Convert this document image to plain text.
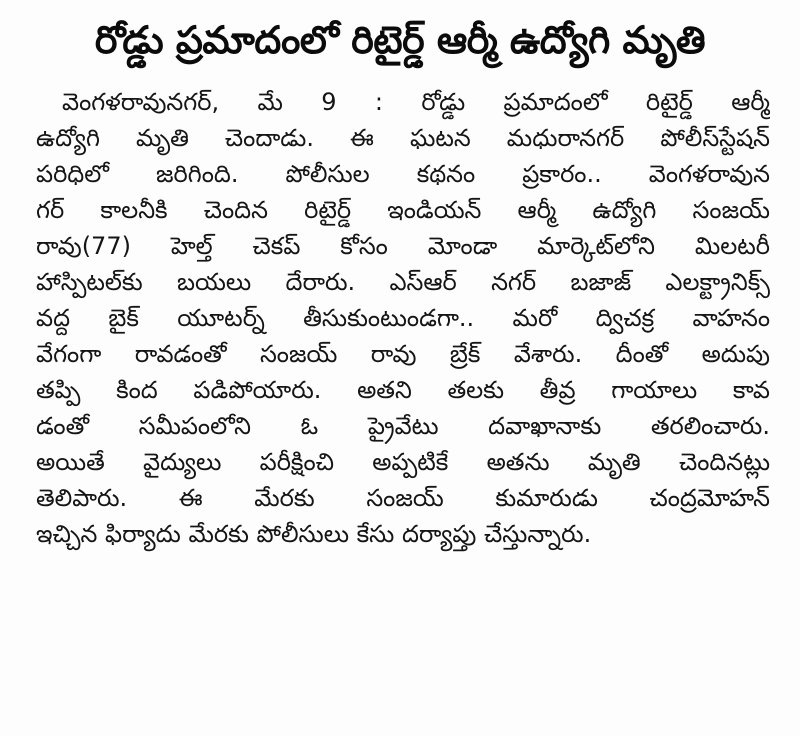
రోడ్డు ప్రమాదంలో రిటైర్డ్ ఆర్మీ ఉద్యోగి మృతి
వెంగళరావునగర్, మే 9 : రోడ్డు ప్రమాదంలో రిటైర్డ్ ఆర్మీ
ఉద్యోగి మృతి చెందాడు. ఈ ఘటన మధురానగర్ పోలీస్‌స్టేషన్
పరిధిలో జరిగింది. పోలీసుల కథనం ప్రకారం.. వెంగళరావున
గర్ కాలనీకి చెందిన రిటైర్డ్ ఇండియన్ ఆర్మీ ఉద్యోగి సంజయ్
రావు(77) హెల్త్ చెకప్ కోసం మోండా మార్కెట్‌లోని మిలటరీ
హాస్పిటల్‌కు బయలు దేరారు. ఎస్‌ఆర్ నగర్ బజాజ్ ఎలక్ట్రానిక్స్
వద్ద బైక్ యూటర్న్ తీసుకుంటుండగా.. మరో ద్విచక్ర వాహనం
వేగంగా రావడంతో సంజయ్ రావు బ్రేక్ వేశారు. దీంతో అదుపు
తప్పి కింద పడిపోయారు. అతని తలకు తీవ్ర గాయాలు కావ
డంతో సమీపంలోని ఓ ప్రైవేటు దవాఖానాకు తరలించారు.
అయితే వైద్యులు పరీక్షించి అప్పటికే అతను మృతి చెందినట్లు
తెలిపారు. ఈ మేరకు సంజయ్ కుమారుడు చంద్రమోహన్
ఇచ్చిన ఫిర్యాదు మేరకు పోలీసులు కేసు దర్యాప్తు చేస్తున్నారు.
